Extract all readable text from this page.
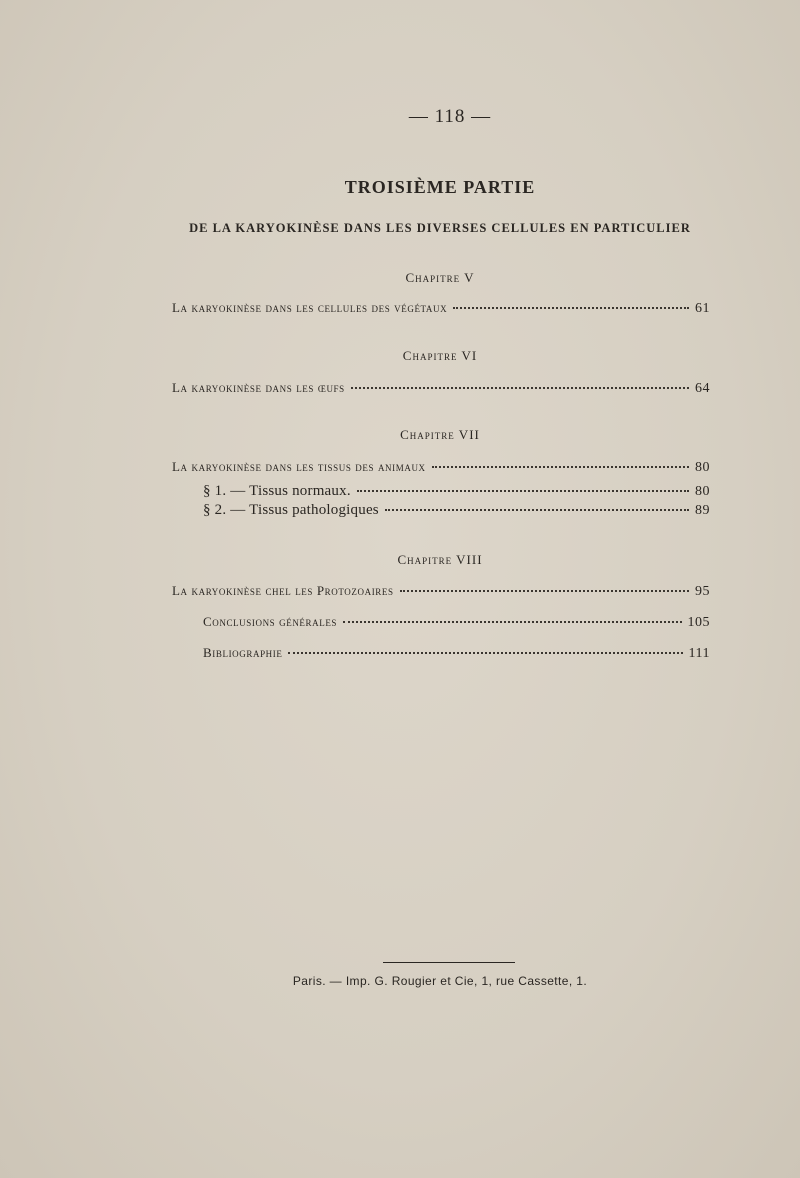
— 118 —
TROISIÈME PARTIE
DE LA KARYOKINÈSE DANS LES DIVERSES CELLULES EN PARTICULIER
Chapitre V
La karyokinèse dans les cellules des végétaux	61
Chapitre VI
La karyokinèse dans les œufs	64
Chapitre VII
La karyokinèse dans les tissus des animaux	80
§ 1. — Tissus normaux.	80
§ 2. — Tissus pathologiques	89
Chapitre VIII
La karyokinèse chel les Protozoaires	95
Conclusions générales	105
Bibliographie	111
Paris. — Imp. G. Rougier et Cie, 1, rue Cassette, 1.
